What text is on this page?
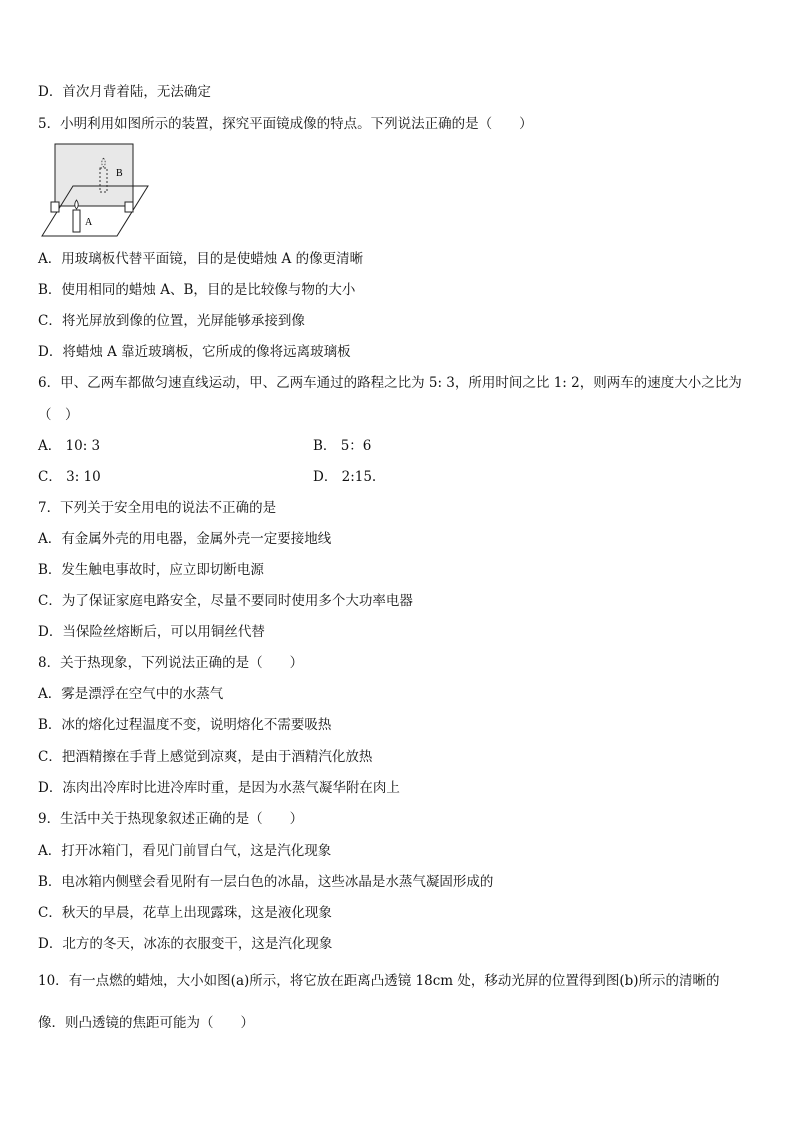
D．首次月背着陆，无法确定
5．小明利用如图所示的装置，探究平面镜成像的特点。下列说法正确的是（　　）
B
A
A．用玻璃板代替平面镜，目的是使蜡烛 A 的像更清晰
B．使用相同的蜡烛 A、B，目的是比较像与物的大小
C．将光屏放到像的位置，光屏能够承接到像
D．将蜡烛 A 靠近玻璃板，它所成的像将远离玻璃板
6．甲、乙两车都做匀速直线运动，甲、乙两车通过的路程之比为 5: 3，所用时间之比 1: 2，则两车的速度大小之比为
（　）
A． 10: 3	B． 5：6
C． 3: 10	D． 2:15.
7．下列关于安全用电的说法不正确的是
A．有金属外壳的用电器，金属外壳一定要接地线
B．发生触电事故时，应立即切断电源
C．为了保证家庭电路安全，尽量不要同时使用多个大功率电器
D．当保险丝熔断后，可以用铜丝代替
8．关于热现象，下列说法正确的是（　　）
A．雾是漂浮在空气中的水蒸气
B．冰的熔化过程温度不变，说明熔化不需要吸热
C．把酒精擦在手背上感觉到凉爽，是由于酒精汽化放热
D．冻肉出冷库时比进冷库时重，是因为水蒸气凝华附在肉上
9．生活中关于热现象叙述正确的是（　　）
A．打开冰箱门，看见门前冒白气，这是汽化现象
B．电冰箱内侧壁会看见附有一层白色的冰晶，这些冰晶是水蒸气凝固形成的
C．秋天的早晨，花草上出现露珠，这是液化现象
D．北方的冬天，冰冻的衣服变干，这是汽化现象
10．有一点燃的蜡烛，大小如图(a)所示，将它放在距离凸透镜 18cm 处，移动光屏的位置得到图(b)所示的清晰的
像．则凸透镜的焦距可能为（　　）
